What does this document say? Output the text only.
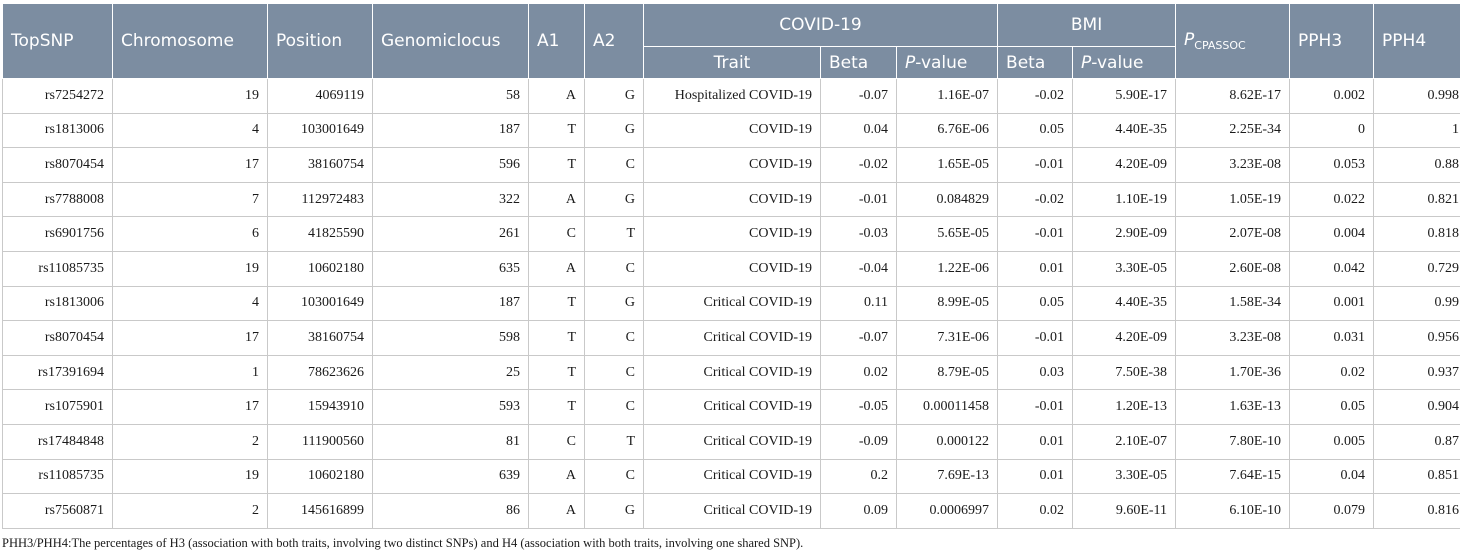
TopSNP	Chromosome	Position	Genomiclocus	A1	A2	COVID-19			BMI		$P_{CPASSOC}$	PPH3	PPH4
						Trait	Beta	P-value	Beta	P-value			
rs7254272	19	4069119	58	A	G	Hospitalized COVID-19	-0.07	1.16E-07	-0.02	5.90E-17	8.62E-17	0.002	0.998
rs1813006	4	103001649	187	T	G	COVID-19	0.04	6.76E-06	0.05	4.40E-35	2.25E-34	0	1
rs8070454	17	38160754	596	T	C	COVID-19	-0.02	1.65E-05	-0.01	4.20E-09	3.23E-08	0.053	0.88
rs7788008	7	112972483	322	A	G	COVID-19	-0.01	0.084829	-0.02	1.10E-19	1.05E-19	0.022	0.821
rs6901756	6	41825590	261	C	T	COVID-19	-0.03	5.65E-05	-0.01	2.90E-09	2.07E-08	0.004	0.818
rs11085735	19	10602180	635	A	C	COVID-19	-0.04	1.22E-06	0.01	3.30E-05	2.60E-08	0.042	0.729
rs1813006	4	103001649	187	T	G	Critical COVID-19	0.11	8.99E-05	0.05	4.40E-35	1.58E-34	0.001	0.99
rs8070454	17	38160754	598	T	C	Critical COVID-19	-0.07	7.31E-06	-0.01	4.20E-09	3.23E-08	0.031	0.956
rs17391694	1	78623626	25	T	C	Critical COVID-19	0.02	8.79E-05	0.03	7.50E-38	1.70E-36	0.02	0.937
rs1075901	17	15943910	593	T	C	Critical COVID-19	-0.05	0.00011458	-0.01	1.20E-13	1.63E-13	0.05	0.904
rs17484848	2	111900560	81	C	T	Critical COVID-19	-0.09	0.000122	0.01	2.10E-07	7.80E-10	0.005	0.87
rs11085735	19	10602180	639	A	C	Critical COVID-19	0.2	7.69E-13	0.01	3.30E-05	7.64E-15	0.04	0.851
rs7560871	2	145616899	86	A	G	Critical COVID-19	0.09	0.0006997	0.02	9.60E-11	6.10E-10	0.079	0.816
PHH3/PHH4:The percentages of H3 (association with both traits, involving two distinct SNPs) and H4 (association with both traits, involving one shared SNP).
